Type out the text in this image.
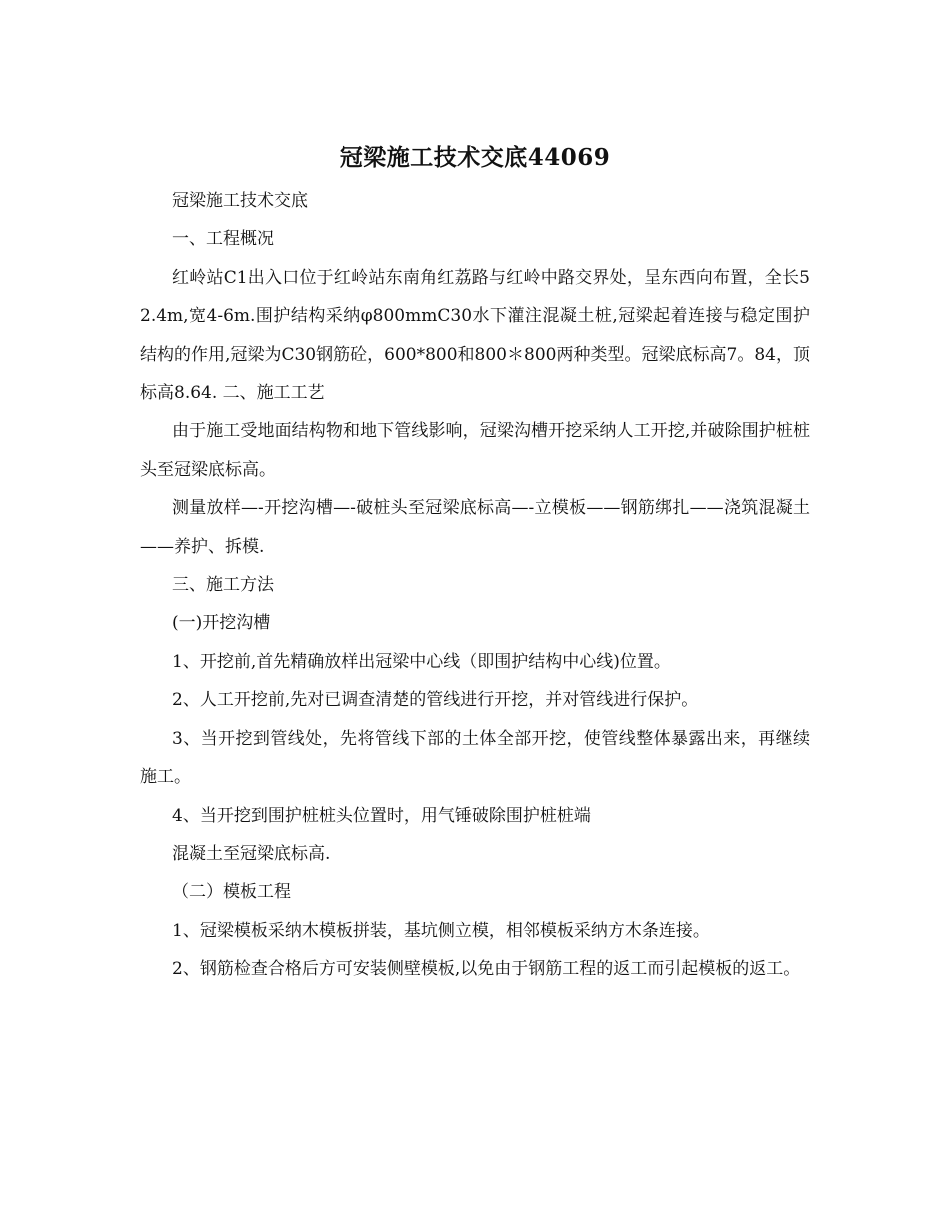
冠梁施工技术交底44069

冠梁施工技术交底

一、工程概况

红岭站C1出入口位于红岭站东南角红荔路与红岭中路交界处，呈东西向布置，全长52.4m,宽4-6m.围护结构采纳φ800mmC30水下灌注混凝土桩,冠梁起着连接与稳定围护结构的作用,冠梁为C30钢筋砼，600*800和800＊800两种类型。冠梁底标高7。84，顶标高8.64. 二、施工工艺

由于施工受地面结构物和地下管线影响，冠梁沟槽开挖采纳人工开挖,并破除围护桩桩头至冠梁底标高。

测量放样—-开挖沟槽—-破桩头至冠梁底标高—-立模板——钢筋绑扎——浇筑混凝土——养护、拆模.

三、施工方法

(一)开挖沟槽

1、开挖前,首先精确放样出冠梁中心线（即围护结构中心线)位置。

2、人工开挖前,先对已调查清楚的管线进行开挖，并对管线进行保护。

3、当开挖到管线处，先将管线下部的土体全部开挖，使管线整体暴露出来，再继续施工。

4、当开挖到围护桩桩头位置时，用气锤破除围护桩桩端

混凝土至冠梁底标高.

（二）模板工程

1、冠梁模板采纳木模板拼装，基坑侧立模，相邻模板采纳方木条连接。

2、钢筋检查合格后方可安装侧壁模板,以免由于钢筋工程的返工而引起模板的返工。
